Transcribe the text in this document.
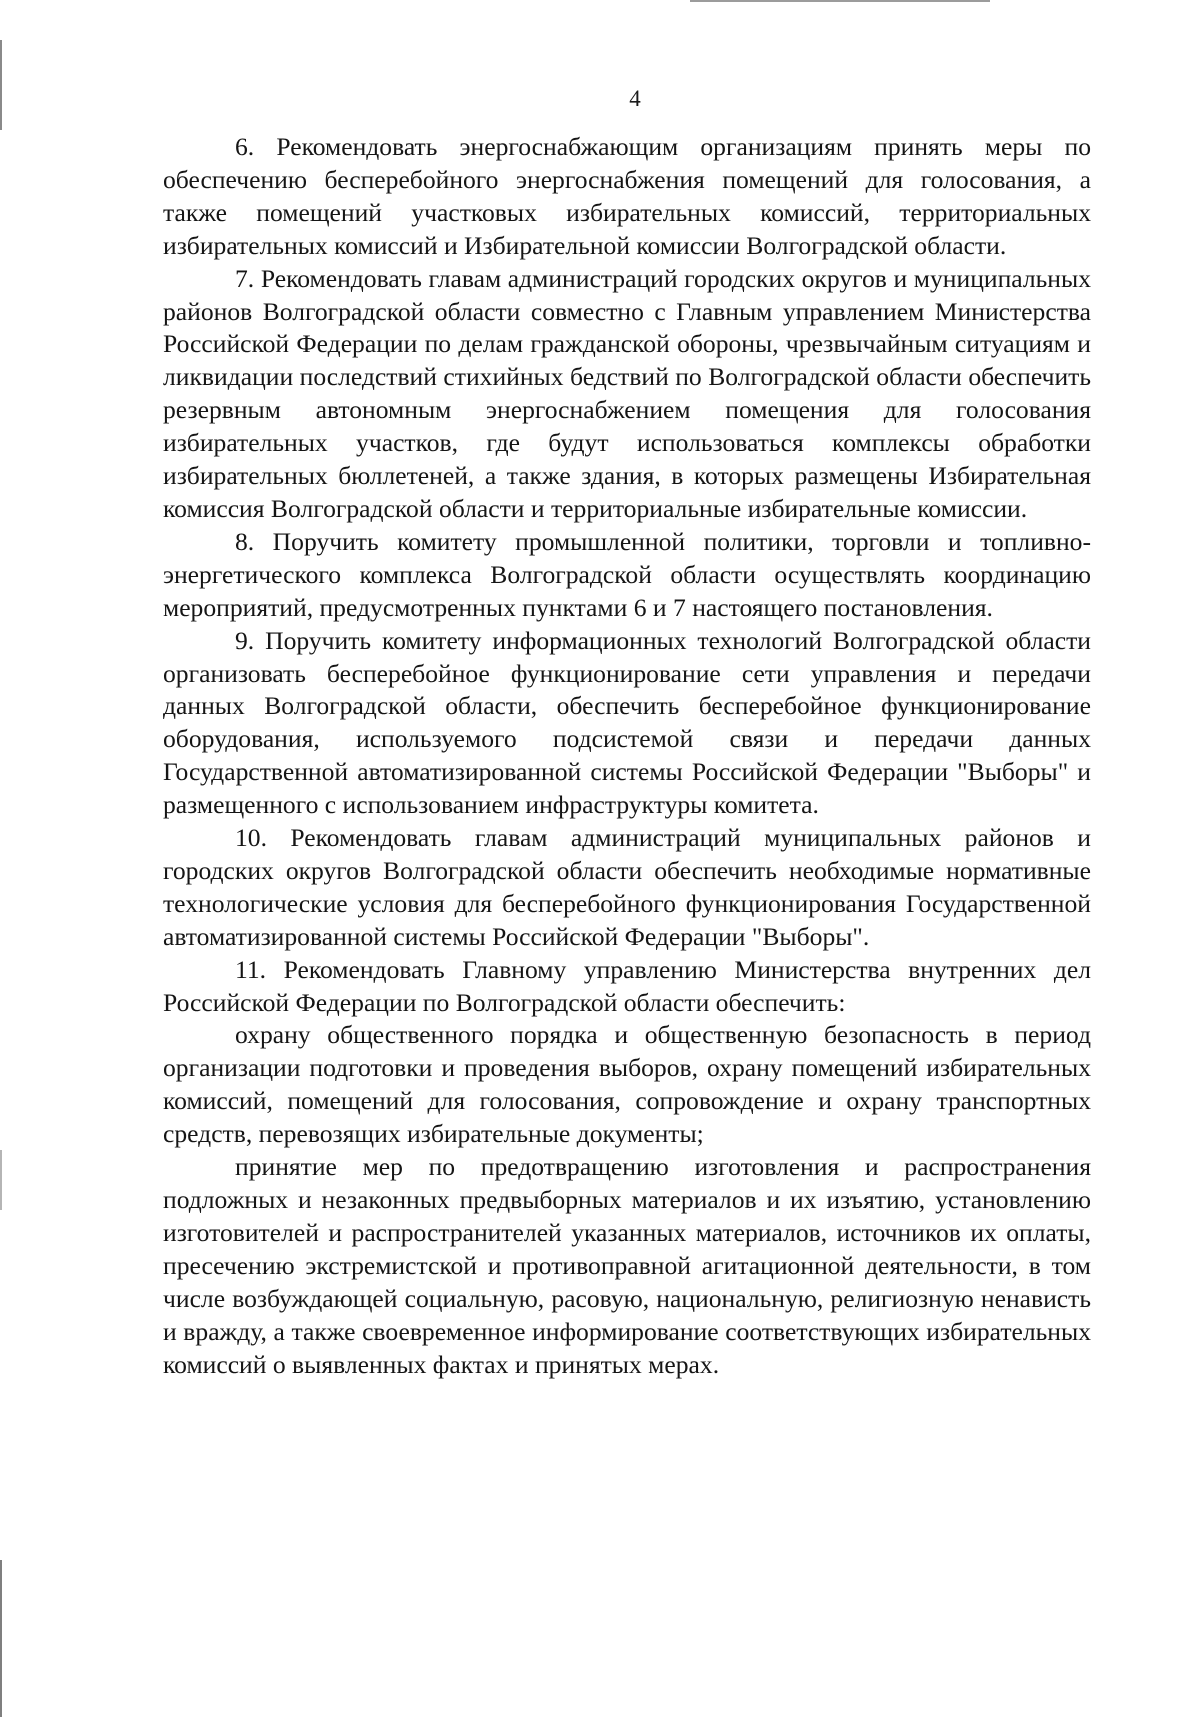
4

6. Рекомендовать энергоснабжающим организациям принять меры по обеспечению бесперебойного энергоснабжения помещений для голосования, а также помещений участковых избирательных комиссий, территориальных избирательных комиссий и Избирательной комиссии Волгоградской области.

7. Рекомендовать главам администраций городских округов и муниципальных районов Волгоградской области совместно с Главным управлением Министерства Российской Федерации по делам гражданской обороны, чрезвычайным ситуациям и ликвидации последствий стихийных бедствий по Волгоградской области обеспечить резервным автономным энергоснабжением помещения для голосования избирательных участков, где будут использоваться комплексы обработки избирательных бюллетеней, а также здания, в которых размещены Избирательная комиссия Волгоградской области и территориальные избирательные комиссии.

8. Поручить комитету промышленной политики, торговли и топливно-энергетического комплекса Волгоградской области осуществлять координацию мероприятий, предусмотренных пунктами 6 и 7 настоящего постановления.

9. Поручить комитету информационных технологий Волгоградской области организовать бесперебойное функционирование сети управления и передачи данных Волгоградской области, обеспечить бесперебойное функционирование оборудования, используемого подсистемой связи и передачи данных Государственной автоматизированной системы Российской Федерации "Выборы" и размещенного с использованием инфраструктуры комитета.

10. Рекомендовать главам администраций муниципальных районов и городских округов Волгоградской области обеспечить необходимые нормативные технологические условия для бесперебойного функционирования Государственной автоматизированной системы Российской Федерации "Выборы".

11. Рекомендовать Главному управлению Министерства внутренних дел Российской Федерации по Волгоградской области обеспечить:

охрану общественного порядка и общественную безопасность в период организации подготовки и проведения выборов, охрану помещений избирательных комиссий, помещений для голосования, сопровождение и охрану транспортных средств, перевозящих избирательные документы;

принятие мер по предотвращению изготовления и распространения подложных и незаконных предвыборных материалов и их изъятию, установлению изготовителей и распространителей указанных материалов, источников их оплаты, пресечению экстремистской и противоправной агитационной деятельности, в том числе возбуждающей социальную, расовую, национальную, религиозную ненависть и вражду, а также своевременное информирование соответствующих избирательных комиссий о выявленных фактах и принятых мерах.
